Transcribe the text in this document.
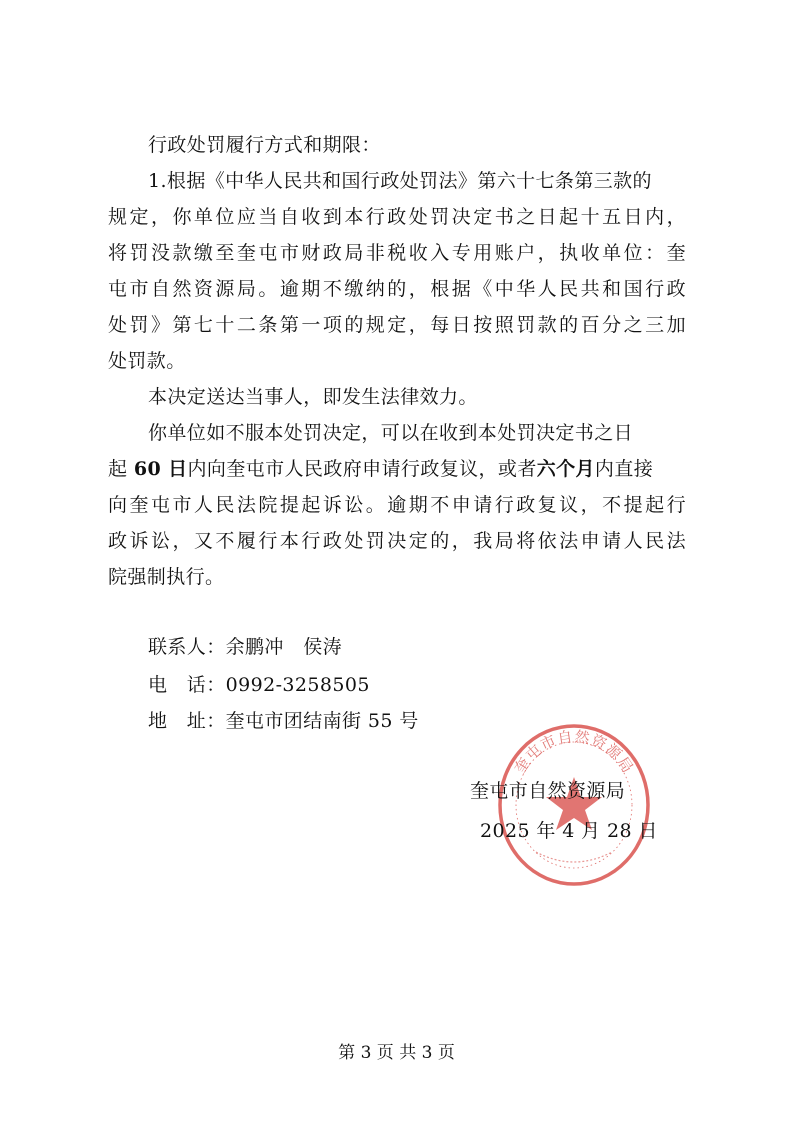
行政处罚履行方式和期限：
1.根据《中华人民共和国行政处罚法》第六十七条第三款的
规定，你单位应当自收到本行政处罚决定书之日起十五日内，
将罚没款缴至奎屯市财政局非税收入专用账户，执收单位：奎
屯市自然资源局。逾期不缴纳的，根据《中华人民共和国行政
处罚》第七十二条第一项的规定，每日按照罚款的百分之三加
处罚款。
本决定送达当事人，即发生法律效力。
你单位如不服本处罚决定，可以在收到本处罚决定书之日
起 60 日内向奎屯市人民政府申请行政复议，或者六个月内直接
向奎屯市人民法院提起诉讼。逾期不申请行政复议，不提起行
政诉讼，又不履行本行政处罚决定的，我局将依法申请人民法
院强制执行。
联系人：余鹏冲　侯涛
电　话：0992-3258505
地　址：奎屯市团结南街 55 号
奎屯市自然资源局
奎屯市自然资源局
2025 年 4 月 28 日
第 3 页 共 3 页
